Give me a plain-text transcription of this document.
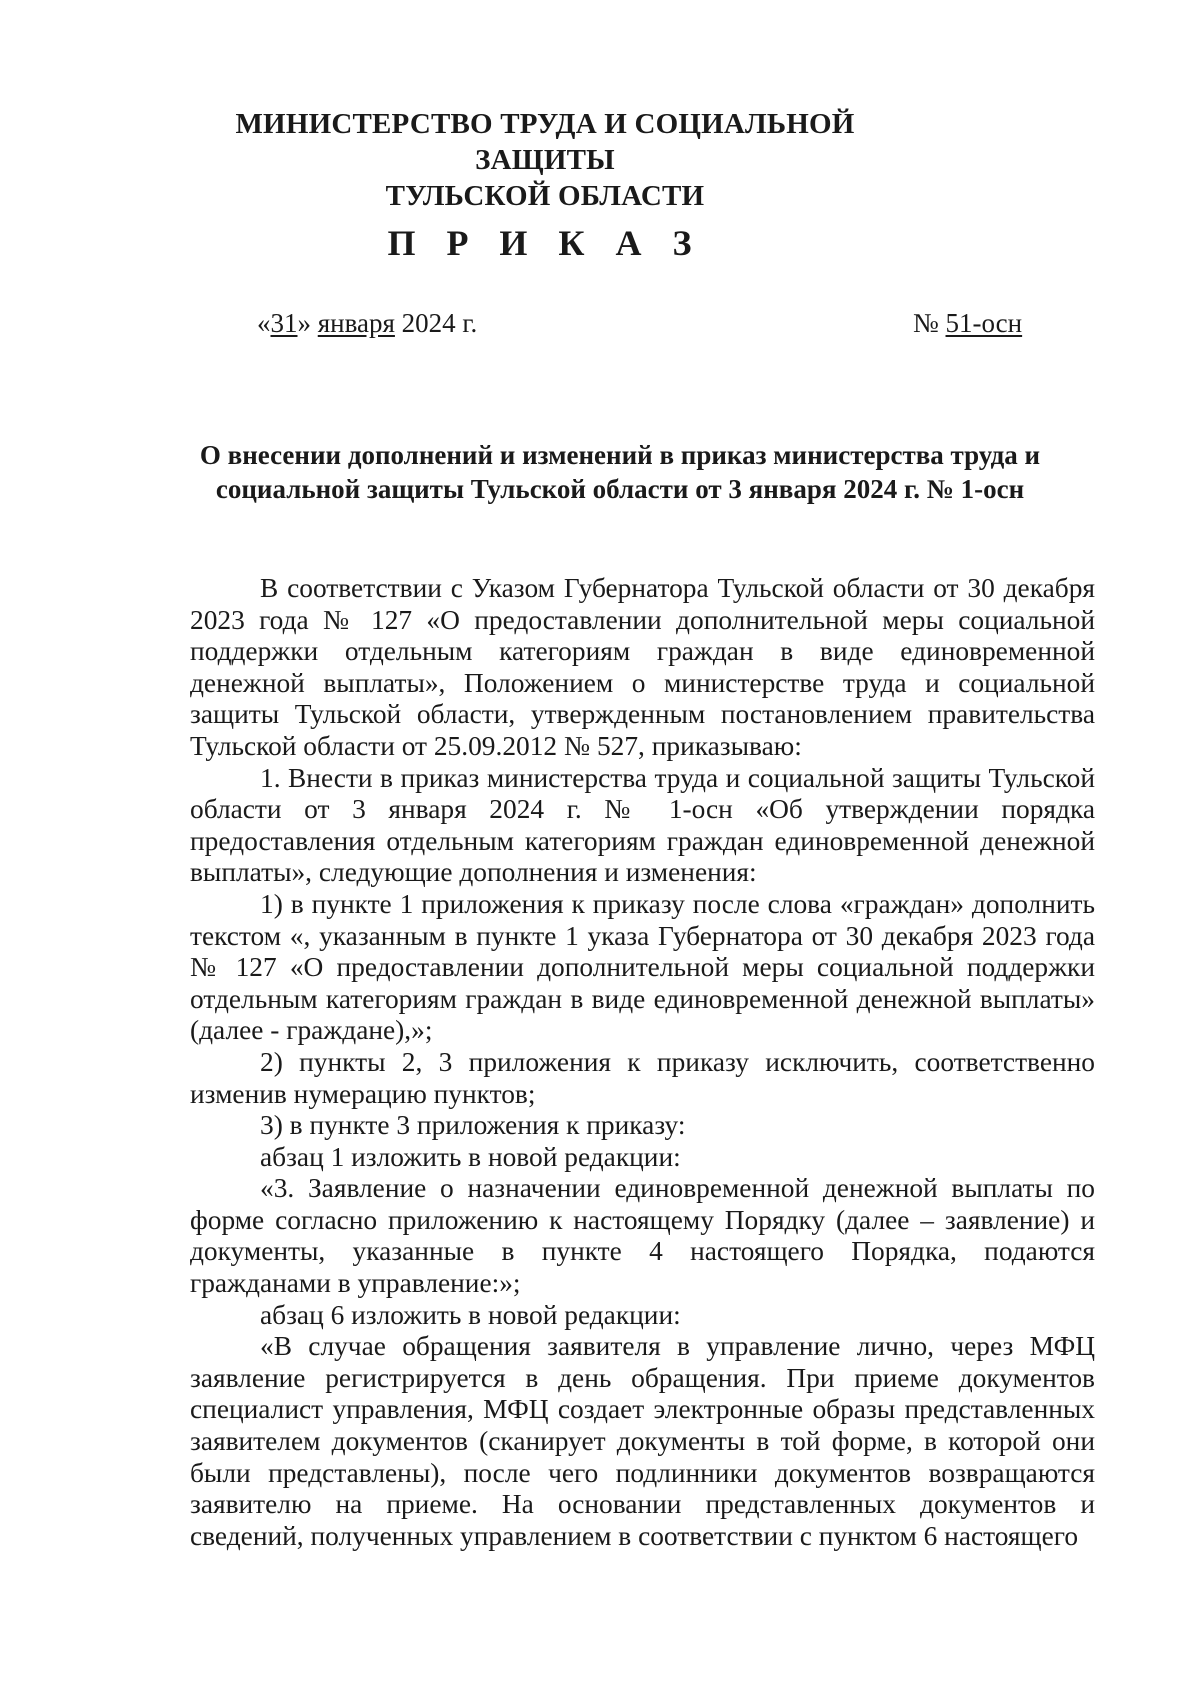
МИНИСТЕРСТВО ТРУДА И СОЦИАЛЬНОЙ ЗАЩИТЫ
ТУЛЬСКОЙ ОБЛАСТИ
П Р И К А З
«31» января 2024 г.	№ 51-осн
О внесении дополнений и изменений в приказ министерства труда и
социальной защиты Тульской области от 3 января 2024 г. № 1-осн

В соответствии с Указом Губернатора Тульской области от 30 декабря 2023 года № 127 «О предоставлении дополнительной меры социальной поддержки отдельным категориям граждан в виде единовременной денежной выплаты», Положением о министерстве труда и социальной защиты Тульской области, утвержденным постановлением правительства Тульской области от 25.09.2012 № 527, приказываю:

1. Внести в приказ министерства труда и социальной защиты Тульской области от 3 января 2024 г. № 1-осн «Об утверждении порядка предоставления отдельным категориям граждан единовременной денежной выплаты», следующие дополнения и изменения:

1) в пункте 1 приложения к приказу после слова «граждан» дополнить текстом «, указанным в пункте 1 указа Губернатора от 30 декабря 2023 года № 127 «О предоставлении дополнительной меры социальной поддержки отдельным категориям граждан в виде единовременной денежной выплаты» (далее - граждане),»;

2) пункты 2, 3 приложения к приказу исключить, соответственно изменив нумерацию пунктов;

3) в пункте 3 приложения к приказу:

абзац 1 изложить в новой редакции:

«3. Заявление о назначении единовременной денежной выплаты по форме согласно приложению к настоящему Порядку (далее – заявление) и документы, указанные в пункте 4 настоящего Порядка, подаются гражданами в управление:»;

абзац 6 изложить в новой редакции:

«В случае обращения заявителя в управление лично, через МФЦ заявление регистрируется в день обращения. При приеме документов специалист управления, МФЦ создает электронные образы представленных заявителем документов (сканирует документы в той форме, в которой они были представлены), после чего подлинники документов возвращаются заявителю на приеме. На основании представленных документов и сведений, полученных управлением в соответствии с пунктом 6 настоящего
